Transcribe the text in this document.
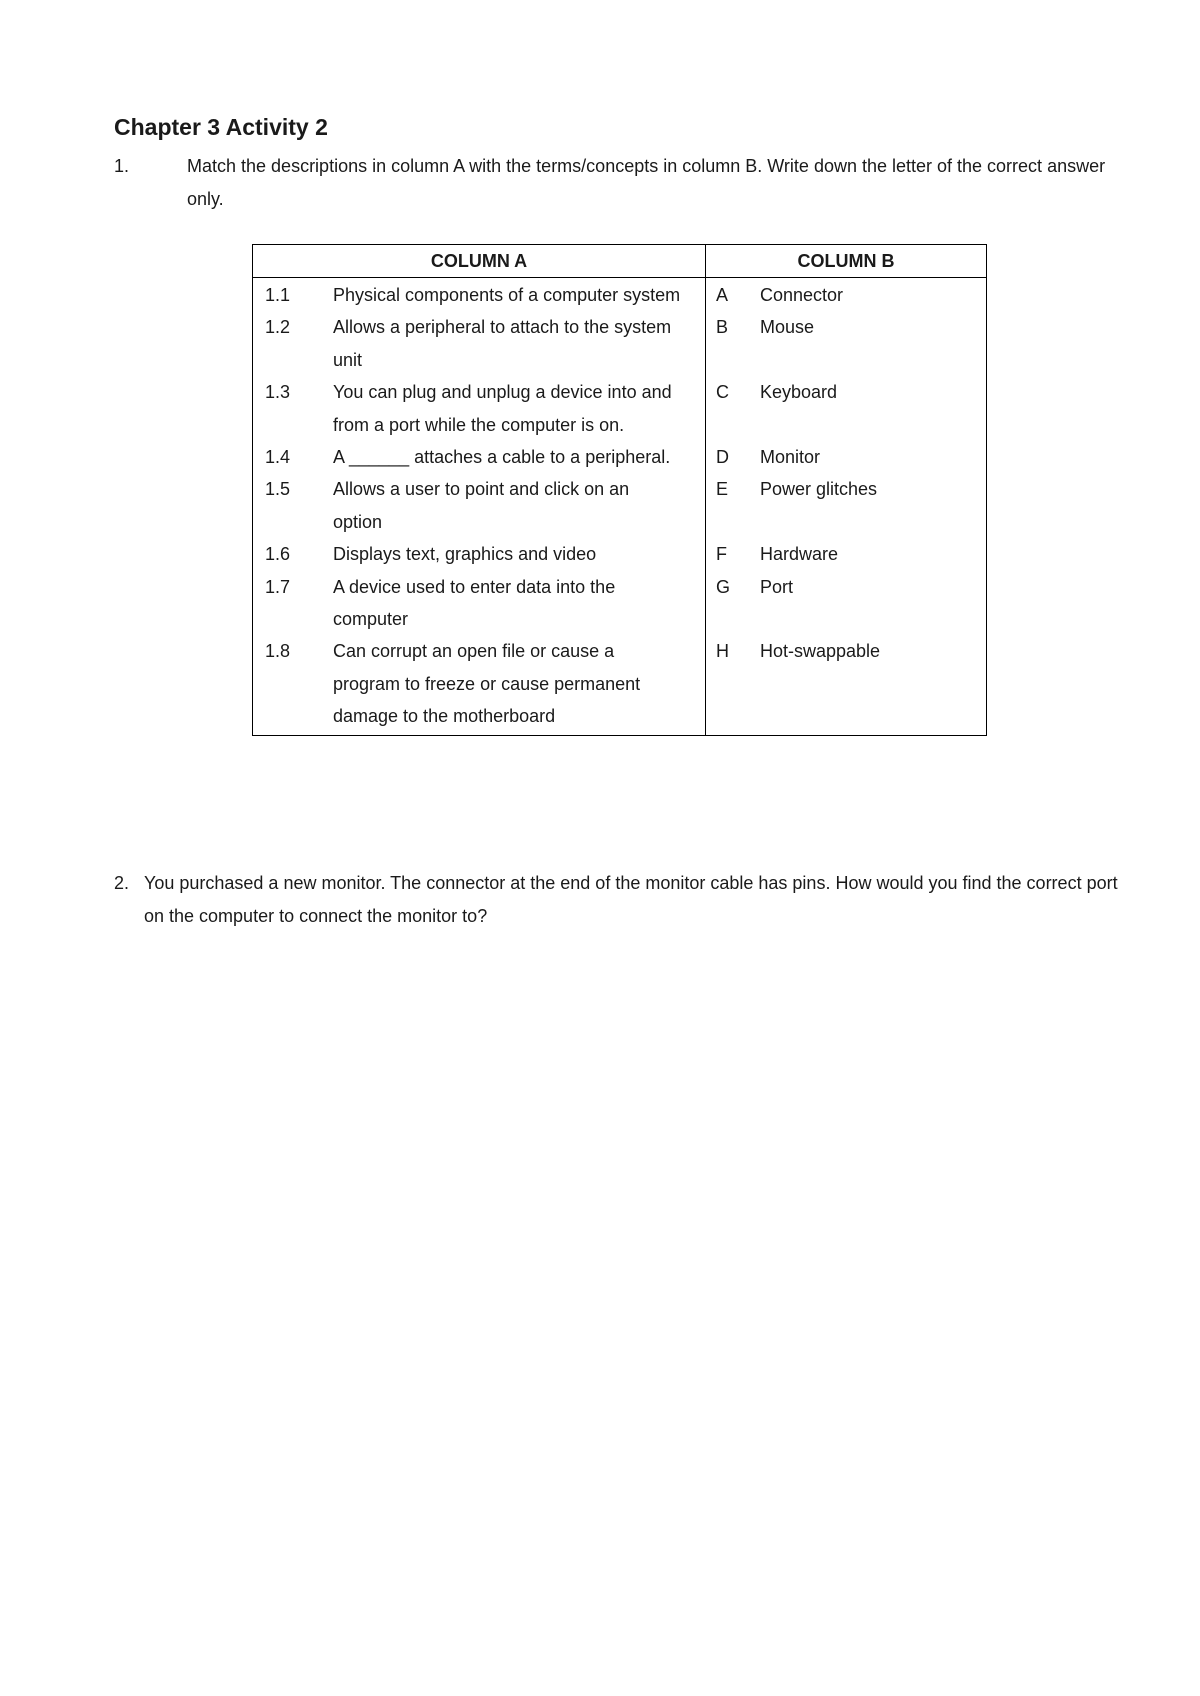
Chapter 3 Activity 2
1.	Match the descriptions in column A with the terms/concepts in column B. Write down the letter of the correct answer only.
COLUMN A	COLUMN B

1.1 Physical components of a computer system	A Connector

1.2 Allows a peripheral to attach to the system unit	B Mouse

1.3 You can plug and unplug a device into and from a port while the computer is on.	C Keyboard

1.4 A ______ attaches a cable to a peripheral.	D Monitor

1.5 Allows a user to point and click on an option	E Power glitches

1.6 Displays text, graphics and video	F Hardware

1.7 A device used to enter data into the computer	G Port

1.8 Can corrupt an open file or cause a program to freeze or cause permanent damage to the motherboard	H Hot-swappable
2. You purchased a new monitor. The connector at the end of the monitor cable has pins. How would you find the correct port on the computer to connect the monitor to?
